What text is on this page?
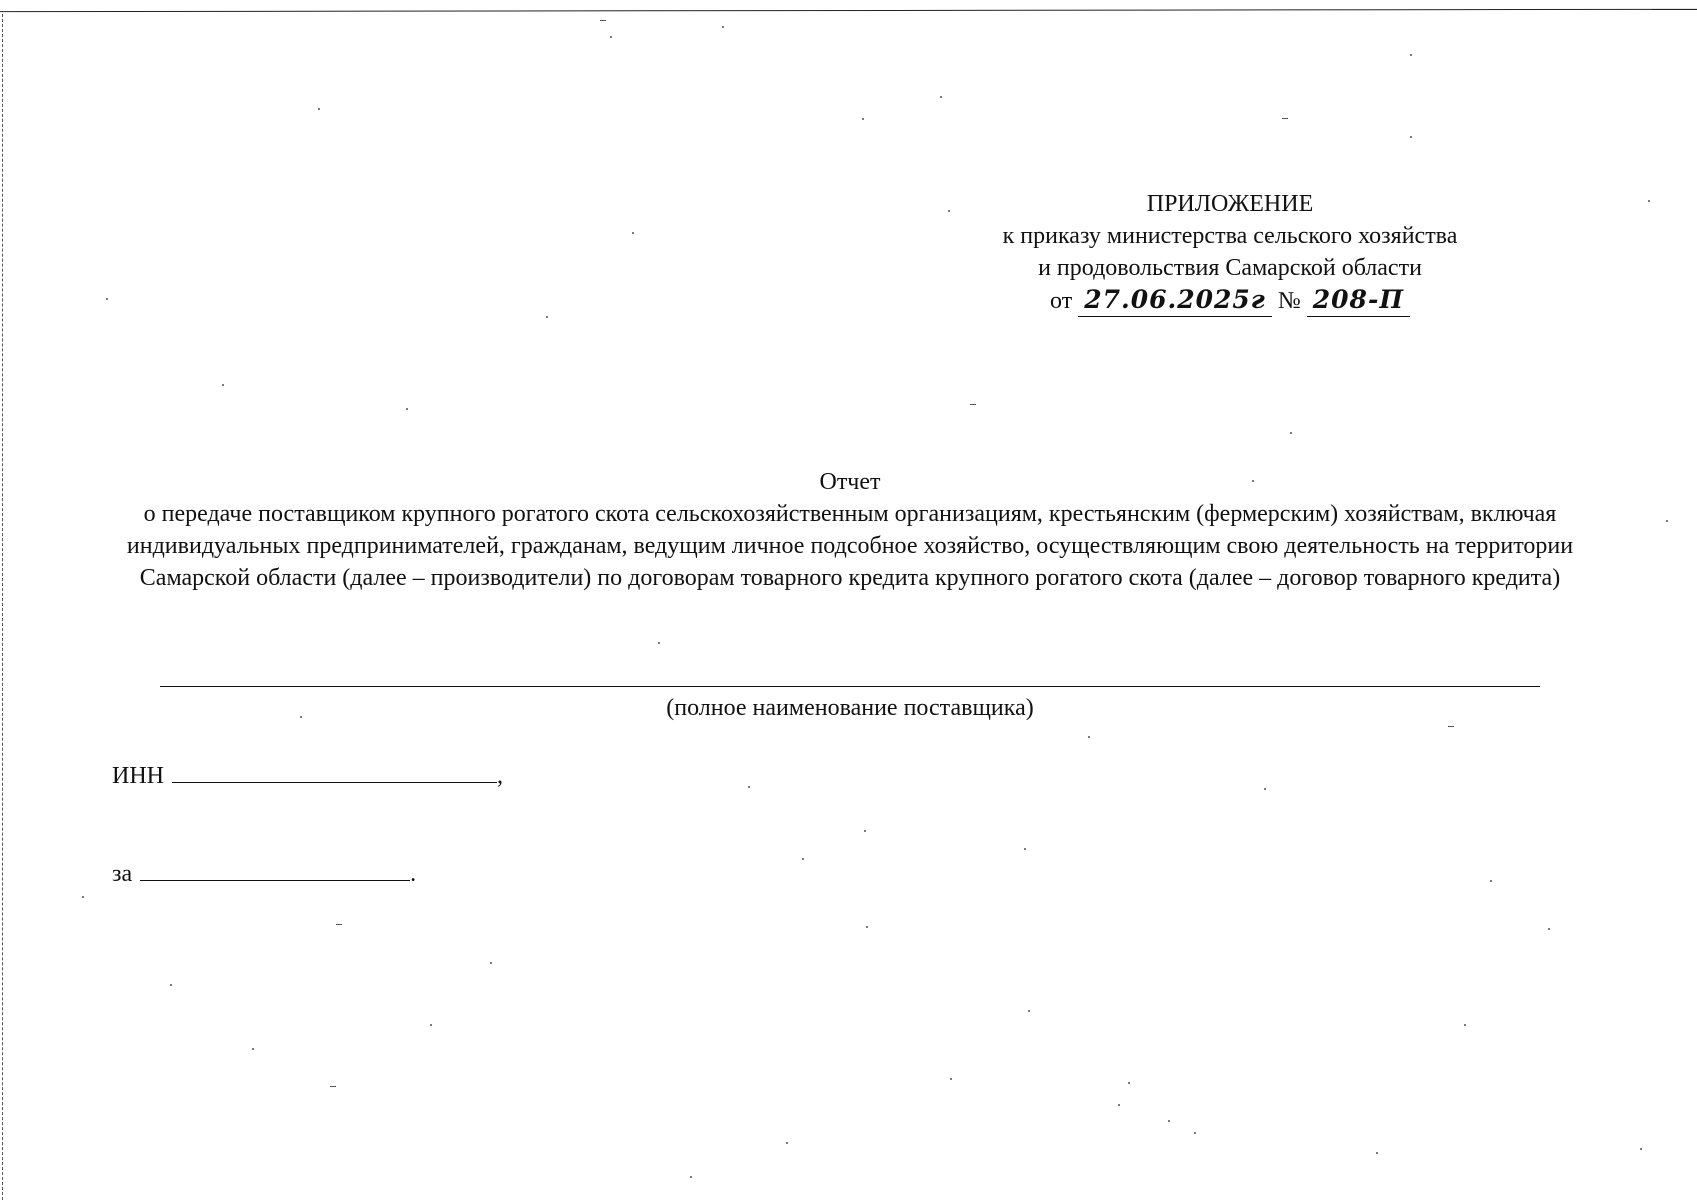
ПРИЛОЖЕНИЕ
к приказу министерства сельского хозяйства
и продовольствия Самарской области
от 27.06.2025г № 208-П
Отчет
о передаче поставщиком крупного рогатого скота сельскохозяйственным организациям, крестьянским (фермерским) хозяйствам, включая индивидуальных предпринимателей, гражданам, ведущим личное подсобное хозяйство, осуществляющим свою деятельность на территории Самарской области (далее – производители) по договорам товарного кредита крупного рогатого скота (далее – договор товарного кредита)
(полное наименование поставщика)
ИНН	,
за	.
